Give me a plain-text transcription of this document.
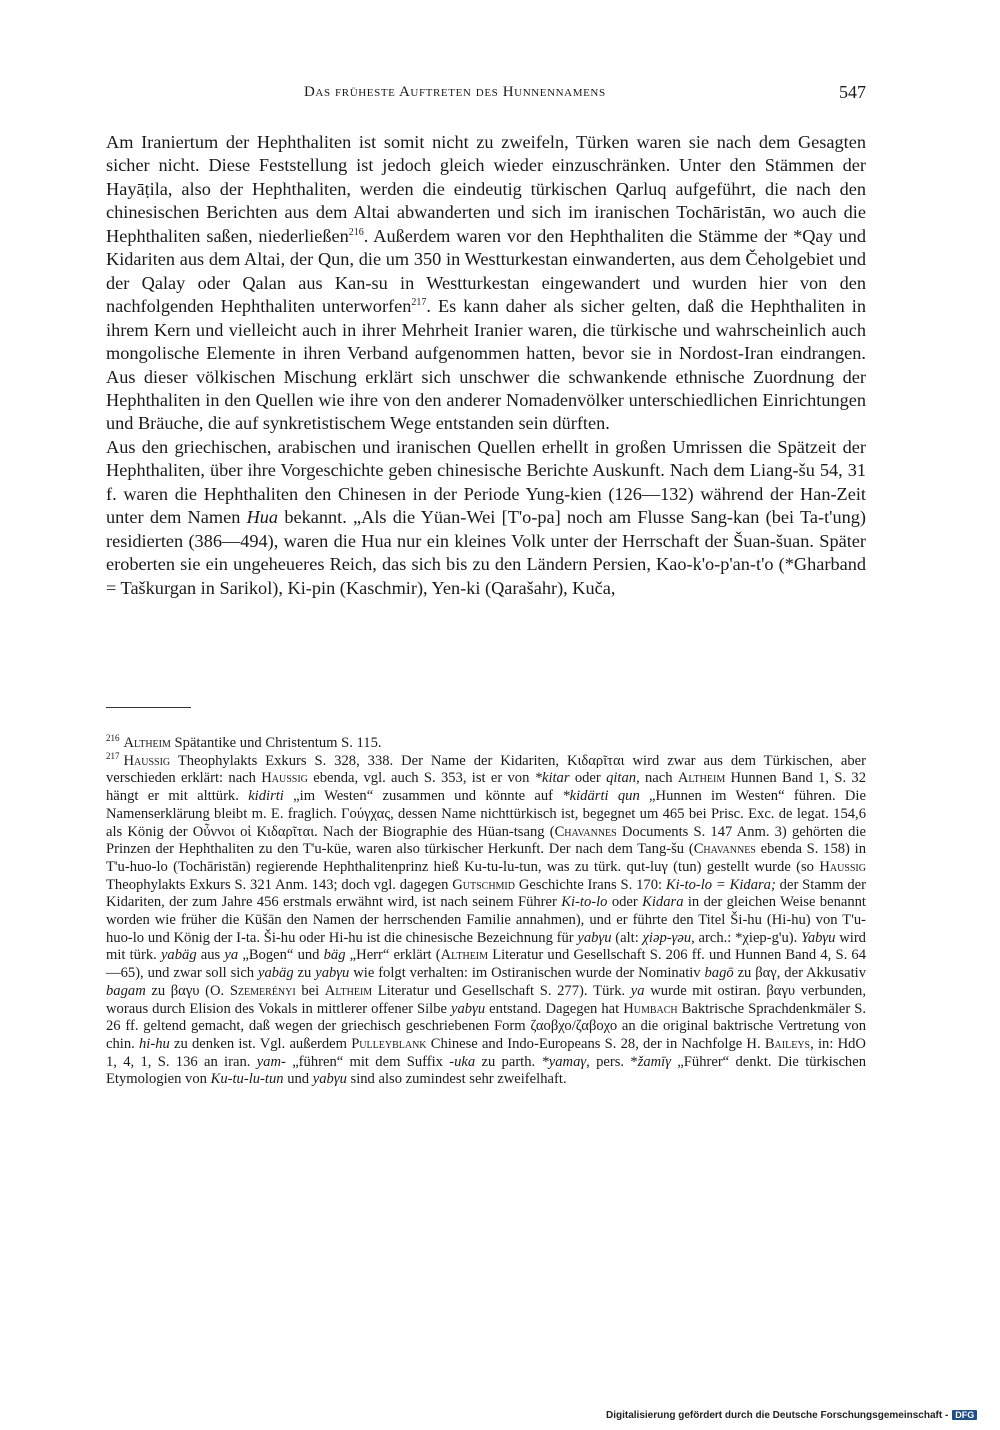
Das früheste Auftreten des Hunnennamens	547

Am Iraniertum der Hephthaliten ist somit nicht zu zweifeln, Türken waren sie nach dem Gesagten sicher nicht. Diese Feststellung ist jedoch gleich wieder einzuschränken. Unter den Stämmen der Hayāṭila, also der Hephthaliten, werden die eindeutig türkischen Qarluq aufgeführt, die nach den chinesischen Berichten aus dem Altai abwanderten und sich im iranischen Tochāristān, wo auch die Hephthaliten saßen, niederließen$^{216}$. Außerdem waren vor den Hephthaliten die Stämme der *Qay und Kidariten aus dem Altai, der Qun, die um 350 in Westturkestan einwanderten, aus dem Čeholgebiet und der Qalay oder Qalan aus Kan-su in Westturkestan eingewandert und wurden hier von den nachfolgenden Hephthaliten unterworfen$^{217}$. Es kann daher als sicher gelten, daß die Hephthaliten in ihrem Kern und vielleicht auch in ihrer Mehrheit Iranier waren, die türkische und wahrscheinlich auch mongolische Elemente in ihren Verband aufgenommen hatten, bevor sie in Nordost-Iran eindrangen. Aus dieser völkischen Mischung erklärt sich unschwer die schwankende ethnische Zuordnung der Hephthaliten in den Quellen wie ihre von den anderer Nomadenvölker unterschiedlichen Einrichtungen und Bräuche, die auf synkretistischem Wege entstanden sein dürften.

Aus den griechischen, arabischen und iranischen Quellen erhellt in großen Umrissen die Spätzeit der Hephthaliten, über ihre Vorgeschichte geben chinesische Berichte Auskunft. Nach dem Liang-šu 54, 31 f. waren die Hephthaliten den Chinesen in der Periode Yung-kien (126—132) während der Han-Zeit unter dem Namen Hua bekannt. „Als die Yüan-Wei [T'o-pa] noch am Flusse Sang-kan (bei Ta-t'ung) residierten (386—494), waren die Hua nur ein kleines Volk unter der Herrschaft der Šuan-šuan. Später eroberten sie ein ungeheueres Reich, das sich bis zu den Ländern Persien, Kao-k'o-p'an-t'o (*Gharband = Taškurgan in Sarikol), Ki-pin (Kaschmir), Yen-ki (Qarašahr), Kuča,

$^{216}$ Altheim Spätantike und Christentum S. 115.

$^{217}$ Haussig Theophylakts Exkurs S. 328, 338. Der Name der Kidariten, Κιδαρῖται wird zwar aus dem Türkischen, aber verschieden erklärt: nach Haussig ebenda, vgl. auch S. 353, ist er von *kitar oder qitan, nach Altheim Hunnen Band 1, S. 32 hängt er mit alttürk. kidirti „im Westen“ zusammen und könnte auf *kidärti qun „Hunnen im Westen“ führen. Die Namenserklärung bleibt m. E. fraglich. Γούγχας, dessen Name nichttürkisch ist, begegnet um 465 bei Prisc. Exc. de legat. 154,6 als König der Οὖννοι οἱ Κιδαρῖται. Nach der Biographie des Hüan-tsang (Chavannes Documents S. 147 Anm. 3) gehörten die Prinzen der Hephthaliten zu den T'u-küe, waren also türkischer Herkunft. Der nach dem Tang-šu (Chavannes ebenda S. 158) in T'u-huo-lo (Tochāristān) regierende Hephthalitenprinz hieß Ku-tu-lu-tun, was zu türk. qut-luγ (tun) gestellt wurde (so Haussig Theophylakts Exkurs S. 321 Anm. 143; doch vgl. dagegen Gutschmid Geschichte Irans S. 170: Ki-to-lo = Kidara; der Stamm der Kidariten, der zum Jahre 456 erstmals erwähnt wird, ist nach seinem Führer Ki-to-lo oder Kidara in der gleichen Weise benannt worden wie früher die Kūšān den Namen der herrschenden Familie annahmen), und er führte den Titel Ši-hu (Hi-hu) von T'u-huo-lo und König der I-ta. Ši-hu oder Hi-hu ist die chinesische Bezeichnung für yabγu (alt: χiәp-γәu, arch.: *χiep-g'u). Yabγu wird mit türk. yabäg aus ya „Bogen“ und bäg „Herr“ erklärt (Altheim Literatur und Gesellschaft S. 206 ff. und Hunnen Band 4, S. 64—65), und zwar soll sich yabäg zu yabγu wie folgt verhalten: im Ostiranischen wurde der Nominativ bagō zu βαγ, der Akkusativ bagam zu βαγυ (O. Szemerényi bei Altheim Literatur und Gesellschaft S. 277). Türk. ya wurde mit ostiran. βαγυ verbunden, woraus durch Elision des Vokals in mittlerer offener Silbe yabγu entstand. Dagegen hat Humbach Baktrische Sprachdenkmäler S. 26 ff. geltend gemacht, daß wegen der griechisch geschriebenen Form ζαοβχο/ζαβοχο an die original baktrische Vertretung von chin. hi-hu zu denken ist. Vgl. außerdem Pulleyblank Chinese and Indo-Europeans S. 28, der in Nachfolge H. Baileys, in: HdO 1, 4, 1, S. 136 an iran. yam- „führen“ mit dem Suffix -uka zu parth. *yamaγ, pers. *žamīγ „Führer“ denkt. Die türkischen Etymologien von Ku-tu-lu-tun und yabγu sind also zumindest sehr zweifelhaft.

Digitalisierung gefördert durch die Deutsche Forschungsgemeinschaft - DFG
